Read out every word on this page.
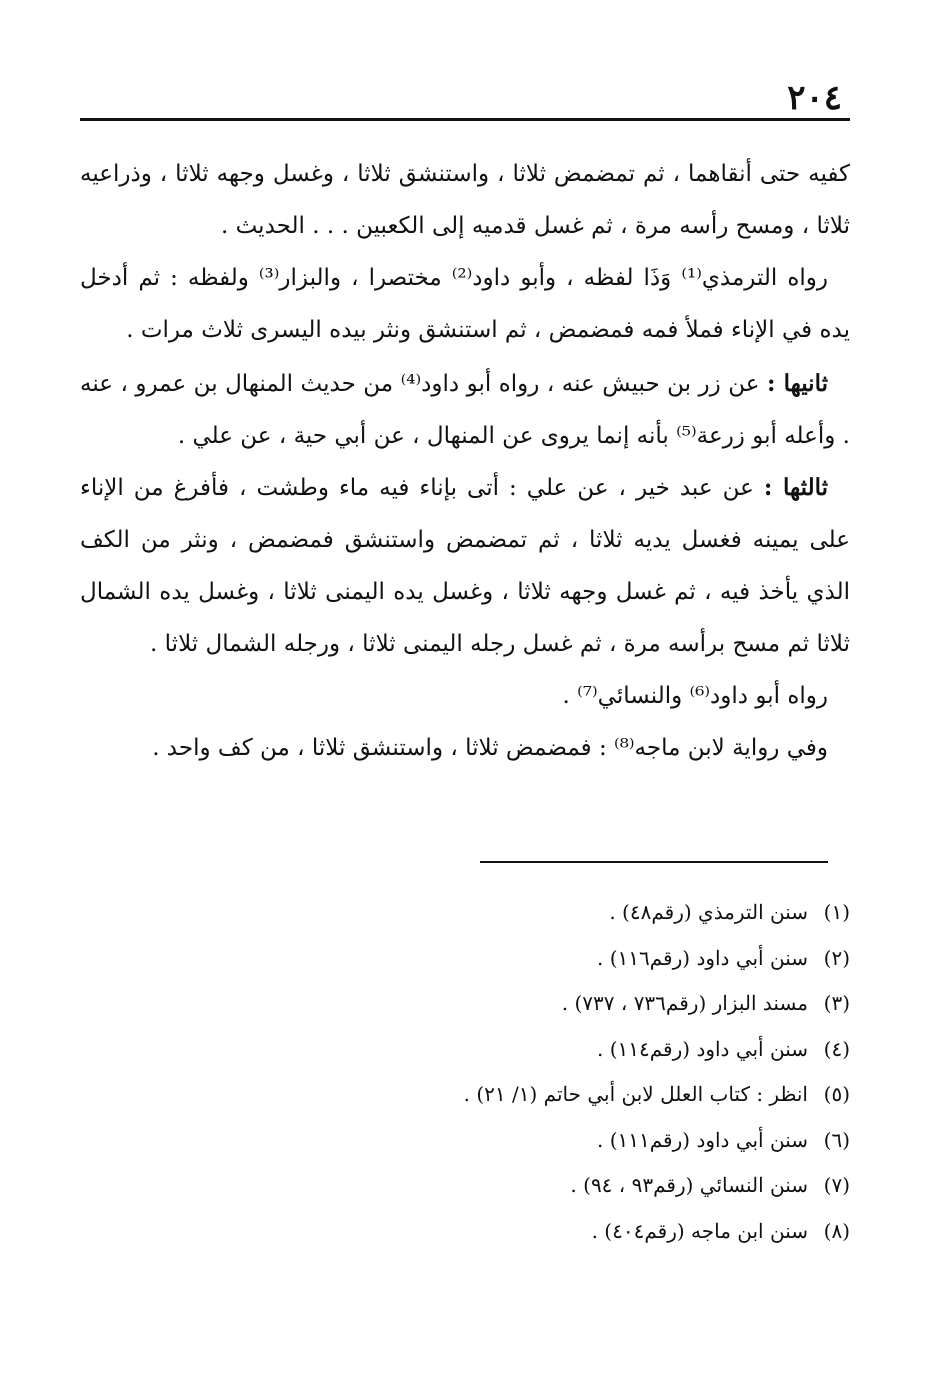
٢٠٤

كفيه حتى أنقاهما ، ثم تمضمض ثلاثا ، واستنشق ثلاثا ، وغسل وجهه ثلاثا ، وذراعيه ثلاثا ، ومسح رأسه مرة ، ثم غسل قدميه إلى الكعبين . . . الحديث .

رواه الترمذي⁽¹⁾ وَذَا لفظه ، وأبو داود⁽²⁾ مختصرا ، والبزار⁽³⁾ ولفظه : ثم أدخل يده في الإناء فملأ فمه فمضمض ، ثم استنشق ونثر بيده اليسرى ثلاث مرات .

ثانيها : عن زر بن حبيش عنه ، رواه أبو داود⁽⁴⁾ من حديث المنهال بن عمرو ، عنه . وأعله أبو زرعة⁽⁵⁾ بأنه إنما يروى عن المنهال ، عن أبي حية ، عن علي .

ثالثها : عن عبد خير ، عن علي : أتى بإناء فيه ماء وطشت ، فأفرغ من الإناء على يمينه فغسل يديه ثلاثا ، ثم تمضمض واستنشق فمضمض ، ونثر من الكف الذي يأخذ فيه ، ثم غسل وجهه ثلاثا ، وغسل يده اليمنى ثلاثا ، وغسل يده الشمال ثلاثا ثم مسح برأسه مرة ، ثم غسل رجله اليمنى ثلاثا ، ورجله الشمال ثلاثا .

رواه أبو داود⁽⁶⁾ والنسائي⁽⁷⁾ .

وفي رواية لابن ماجه⁽⁸⁾ : فمضمض ثلاثا ، واستنشق ثلاثا ، من كف واحد .

(١)سنن الترمذي (رقم٤٨) .
(٢)سنن أبي داود (رقم١١٦) .
(٣)مسند البزار (رقم٧٣٦ ، ٧٣٧) .
(٤)سنن أبي داود (رقم١١٤) .
(٥)انظر : كتاب العلل لابن أبي حاتم (١/ ٢١) .
(٦)سنن أبي داود (رقم١١١) .
(٧)سنن النسائي (رقم٩٣ ، ٩٤) .
(٨)سنن ابن ماجه (رقم٤٠٤) .
